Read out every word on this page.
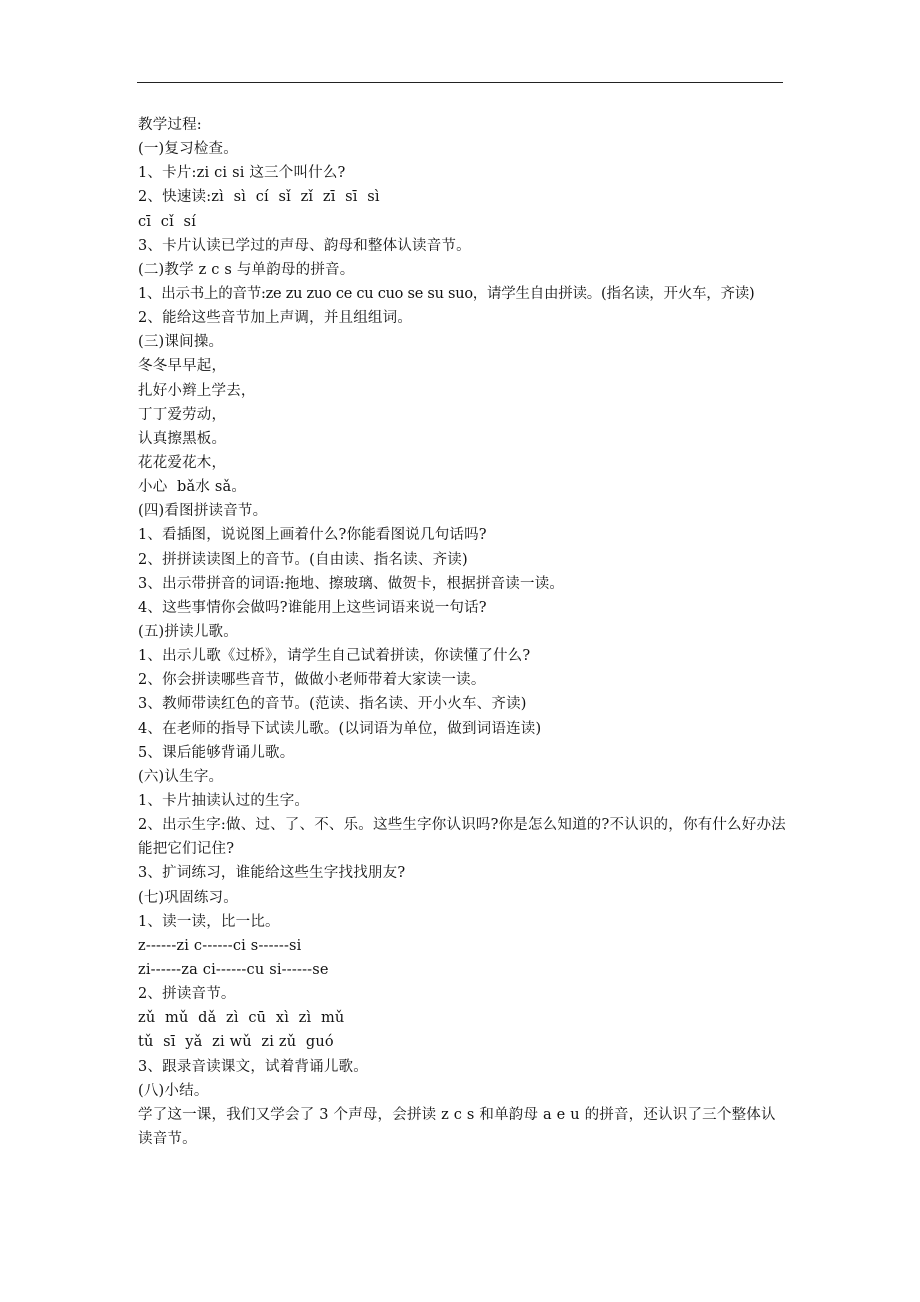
教学过程:
(一)复习检查。
1、卡片:zi ci si 这三个叫什么?
2、快速读:zì  sì  cí  sǐ  zǐ  zī  sī  sì
cī  cǐ  sí
3、卡片认读已学过的声母、韵母和整体认读音节。
(二)教学 z c s 与单韵母的拼音。
1、出示书上的音节:ze zu zuo ce cu cuo se su suo，请学生自由拼读。(指名读，开火车，齐读)
2、能给这些音节加上声调，并且组组词。
(三)课间操。
冬冬早早起，
扎好小辫上学去，
丁丁爱劳动，
认真擦黑板。
花花爱花木，
小心  bǎ水 sǎ。
(四)看图拼读音节。
1、看插图，说说图上画着什么?你能看图说几句话吗?
2、拼拼读读图上的音节。(自由读、指名读、齐读)
3、出示带拼音的词语:拖地、擦玻璃、做贺卡，根据拼音读一读。
4、这些事情你会做吗?谁能用上这些词语来说一句话?
(五)拼读儿歌。
1、出示儿歌《过桥》，请学生自己试着拼读，你读懂了什么?
2、你会拼读哪些音节，做做小老师带着大家读一读。
3、教师带读红色的音节。(范读、指名读、开小火车、齐读)
4、在老师的指导下试读儿歌。(以词语为单位，做到词语连读)
5、课后能够背诵儿歌。
(六)认生字。
1、卡片抽读认过的生字。
2、出示生字:做、过、了、不、乐。这些生字你认识吗?你是怎么知道的?不认识的，你有什么好办法能把它们记住?
3、扩词练习，谁能给这些生字找找朋友?
(七)巩固练习。
1、读一读，比一比。
z------zi c------ci s------si
zi------za ci------cu si------se
2、拼读音节。
zǔ  mǔ  dǎ  zì  cū  xì  zì  mǔ
tǔ  sī  yǎ  zi wǔ  zi zǔ  guó
3、跟录音读课文，试着背诵儿歌。
(八)小结。
学了这一课，我们又学会了 3 个声母，会拼读 z c s 和单韵母 a e u 的拼音，还认识了三个整体认读音节。
